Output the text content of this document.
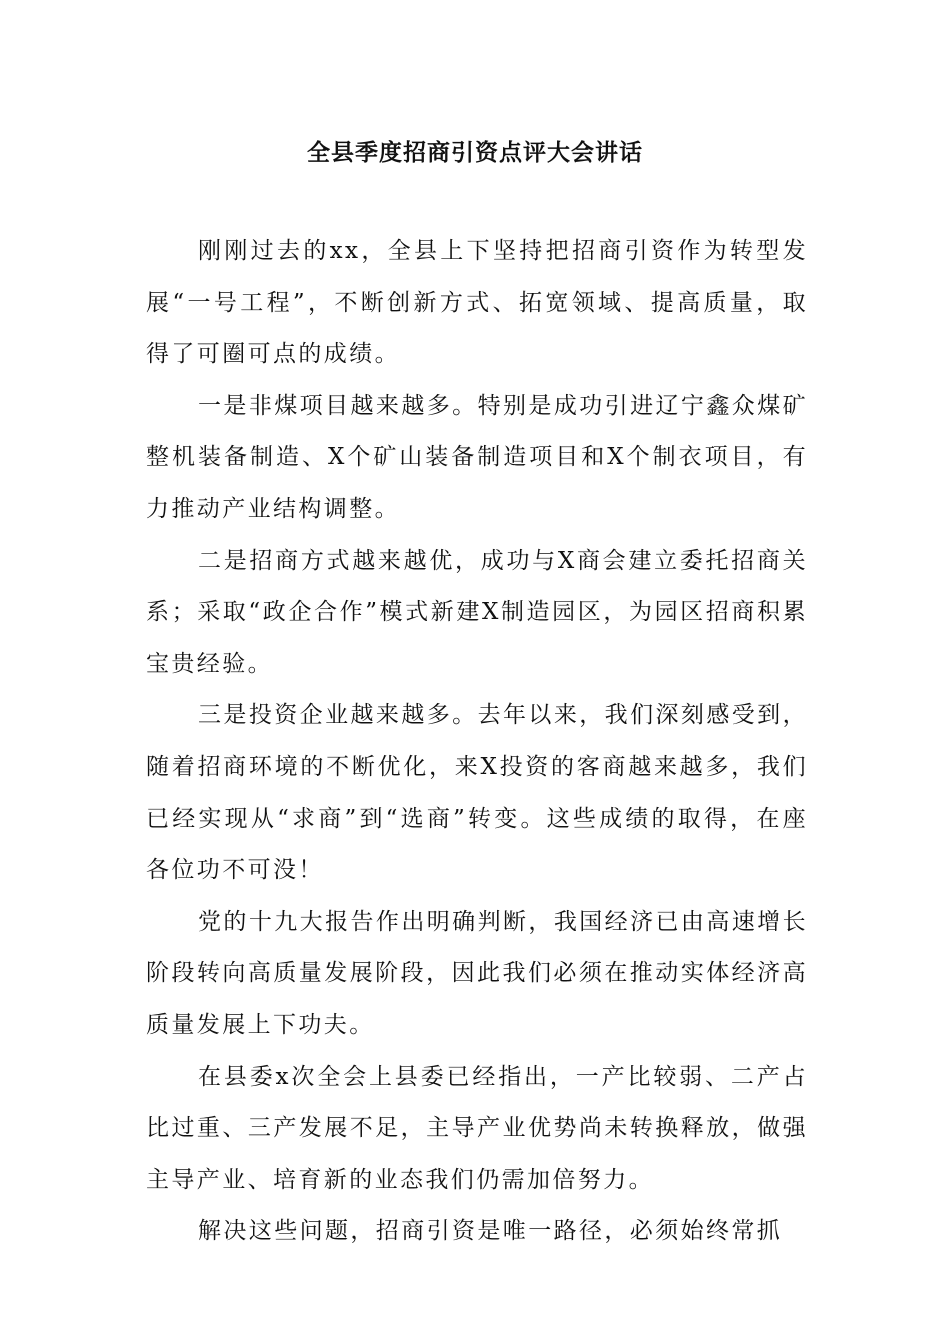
全县季度招商引资点评大会讲话

刚刚过去的xx，全县上下坚持把招商引资作为转型发展“一号工程”，不断创新方式、拓宽领域、提高质量，取得了可圈可点的成绩。

一是非煤项目越来越多。特别是成功引进辽宁鑫众煤矿整机装备制造、X个矿山装备制造项目和X个制衣项目，有力推动产业结构调整。

二是招商方式越来越优，成功与X商会建立委托招商关系；采取“政企合作”模式新建X制造园区，为园区招商积累宝贵经验。

三是投资企业越来越多。去年以来，我们深刻感受到，随着招商环境的不断优化，来X投资的客商越来越多，我们已经实现从“求商”到“选商”转变。这些成绩的取得，在座各位功不可没！

党的十九大报告作出明确判断，我国经济已由高速增长阶段转向高质量发展阶段，因此我们必须在推动实体经济高质量发展上下功夫。

在县委x次全会上县委已经指出，一产比较弱、二产占比过重、三产发展不足，主导产业优势尚未转换释放，做强主导产业、培育新的业态我们仍需加倍努力。

解决这些问题，招商引资是唯一路径，必须始终常抓
